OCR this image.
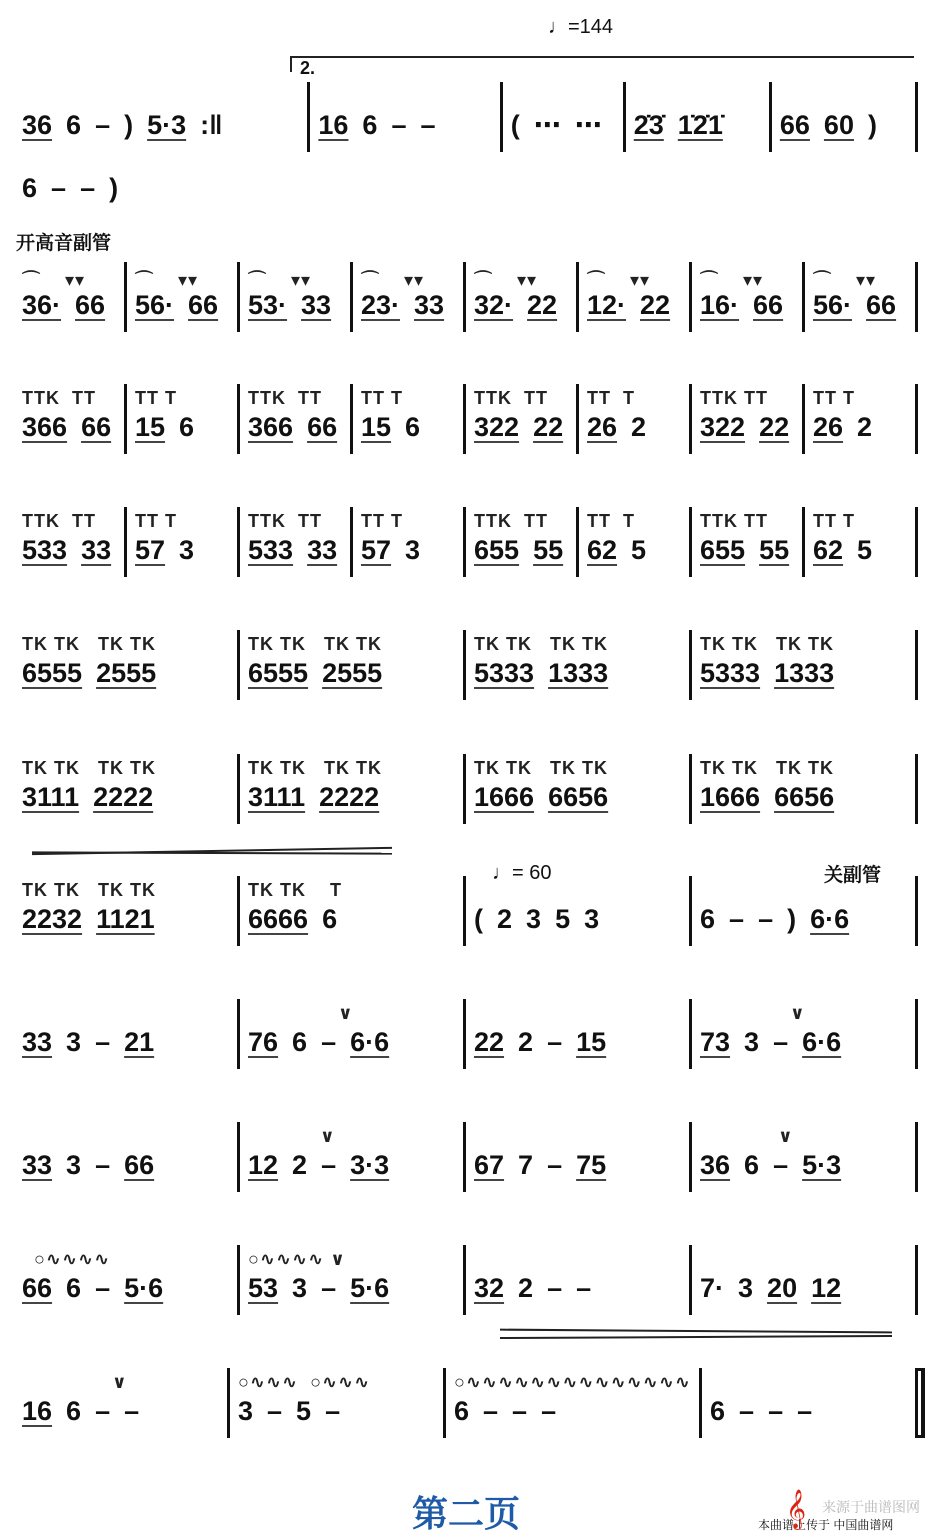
♩=144
2.
开高音副管
♩= 60	关副管
36 6 – ) 5·3 :‖	16 6 – –	( ⋯ ⋯ 2̇3̇ 1̇2̇1̇ 66 60 )
6 – – )
⌒    ▾▾
36· 66
⌒    ▾▾
56· 66
⌒    ▾▾
53· 33
⌒    ▾▾
23· 33
⌒    ▾▾
32· 22
⌒    ▾▾
12· 22
⌒    ▾▾
16· 66
⌒    ▾▾
56· 66
TTK  TT
366 66
TT T
15 6
TTK  TT
366 66
TT T
15 6
TTK  TT
322 22
TT  T
26 2
TTK TT
322 22
TT T
26 2
TTK  TT
533 33
TT T
57 3
TTK  TT
533 33
TT T
57 3
TTK  TT
655 55
TT  T
62 5
TTK TT
655 55
TT T
62 5
TK TK   TK TK
6555 2555
TK TK   TK TK
6555 2555
TK TK   TK TK
5333 1333
TK TK   TK TK
5333 1333
TK TK   TK TK
3111 2222
TK TK   TK TK
3111 2222
TK TK   TK TK
1666 6656
TK TK   TK TK
1666 6656
TK TK   TK TK
2232 1121
TK TK    T
6666 6	( 2 3 5 3	6 – – ) 6·6
33 3 – 21
∨
76 6 – 6·6	22 2 – 15
∨
73 3 – 6·6
33 3 – 66
∨
12 2 – 3·3	67 7 – 75
∨
36 6 – 5·3
○∿∿∿∿
66 6 – 5·6
○∿∿∿∿ ∨
53 3 – 5·6	32 2 – –	7· 3 20 12
∨
16 6 – –
○∿∿∿  ○∿∿∿
3 – 5 –
○∿∿∿∿∿∿∿∿∿∿∿∿∿∿
6 – – –	6 – – –
第二页	来源于曲谱图网
本曲谱上传于 中国曲谱网
𝄞
